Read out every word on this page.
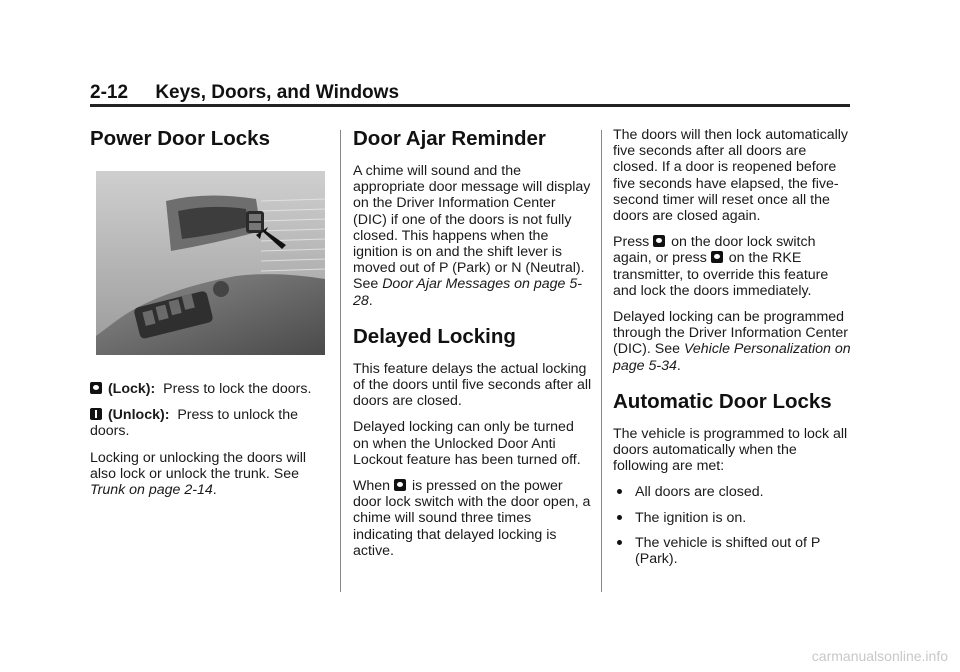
2-12 Keys, Doors, and Windows
Power Door Locks

(Lock): Press to lock the doors.

(Unlock): Press to unlock the doors.

Locking or unlocking the doors will also lock or unlock the trunk. See Trunk on page 2-14.

Door Ajar Reminder

A chime will sound and the appropriate door message will display on the Driver Information Center (DIC) if one of the doors is not fully closed. This happens when the ignition is on and the shift lever is moved out of P (Park) or N (Neutral). See Door Ajar Messages on page 5-28.

Delayed Locking

This feature delays the actual locking of the doors until five seconds after all doors are closed.

Delayed locking can only be turned on when the Unlocked Door Anti Lockout feature has been turned off.

When is pressed on the power door lock switch with the door open, a chime will sound three times indicating that delayed locking is active.

The doors will then lock automatically five seconds after all doors are closed. If a door is reopened before five seconds have elapsed, the five-second timer will reset once all the doors are closed again.

Press on the door lock switch again, or press on the RKE transmitter, to override this feature and lock the doors immediately.

Delayed locking can be programmed through the Driver Information Center (DIC). See Vehicle Personalization on page 5-34.

Automatic Door Locks

The vehicle is programmed to lock all doors automatically when the following are met:

All doors are closed.
The ignition is on.
The vehicle is shifted out of P (Park).
carmanualsonline.info
